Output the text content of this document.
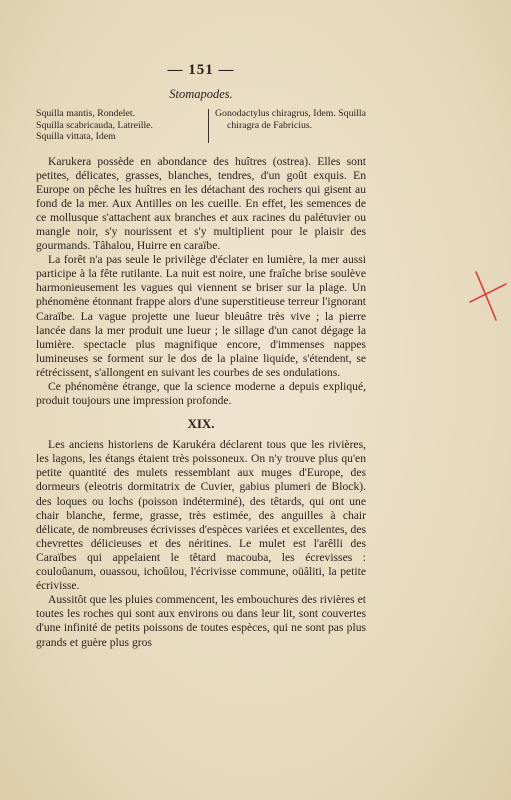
— 151 —
Stomapodes.
Squilla mantis, Rondelet.
Squilla scabricauda, Latreille.
Squilla vittata, Idem
Gonodactylus chiragrus, Idem. Squilla
chiragra de Fabricius.

Karukera possède en abondance des huîtres (ostrea). Elles sont petites, délicates, grasses, blanches, tendres, d'un goût exquis. En Europe on pêche les huîtres en les détachant des rochers qui gisent au fond de la mer. Aux Antilles on les cueille. En effet, les semences de ce mollusque s'attachent aux branches et aux racines du palétuvier ou mangle noir, s'y nourissent et s'y multiplient pour le plaisir des gourmands. Tâhalou, Huirre en caraïbe.

La forêt n'a pas seule le privilège d'éclater en lumière, la mer aussi participe à la fête rutilante. La nuit est noire, une fraîche brise soulève harmonieusement les vagues qui viennent se briser sur la plage. Un phénomène étonnant frappe alors d'une superstitieuse terreur l'ignorant Caraïbe. La vague projette une lueur bleuâtre très vive ; la pierre lancée dans la mer produit une lueur ; le sillage d'un canot dégage la lumière. spectacle plus magnifique encore, d'immenses nappes lumineuses se forment sur le dos de la plaine liquide, s'étendent, se rétrécissent, s'allongent en suivant les courbes de ses ondulations.

Ce phénomène étrange, que la science moderne a depuis expliqué, produit toujours une impression profonde.

XIX.

Les anciens historiens de Karukéra déclarent tous que les rivières, les lagons, les étangs étaient très poissoneux. On n'y trouve plus qu'en petite quantité des mulets ressemblant aux muges d'Europe, des dormeurs (eleotris dormitatrix de Cuvier, gabius plumeri de Block). des loques ou lochs (poisson indéterminé), des têtards, qui ont une chair blanche, ferme, grasse, très estimée, des anguilles à chair délicate, de nombreuses écrivisses d'espèces variées et excellentes, des chevrettes délicieuses et des néritines. Le mulet est l'arêlli des Caraïbes qui appelaient le têtard macouba, les écrevisses : couloûanum, ouassou, ichoûlou, l'écrivisse commune, oüâliti, la petite écrivisse.

Aussitôt que les pluies commencent, les embouchures des rivières et toutes les roches qui sont aux environs ou dans leur lit, sont couvertes d'une infinité de petits poissons de toutes espèces, qui ne sont pas plus grands et guère plus gros
